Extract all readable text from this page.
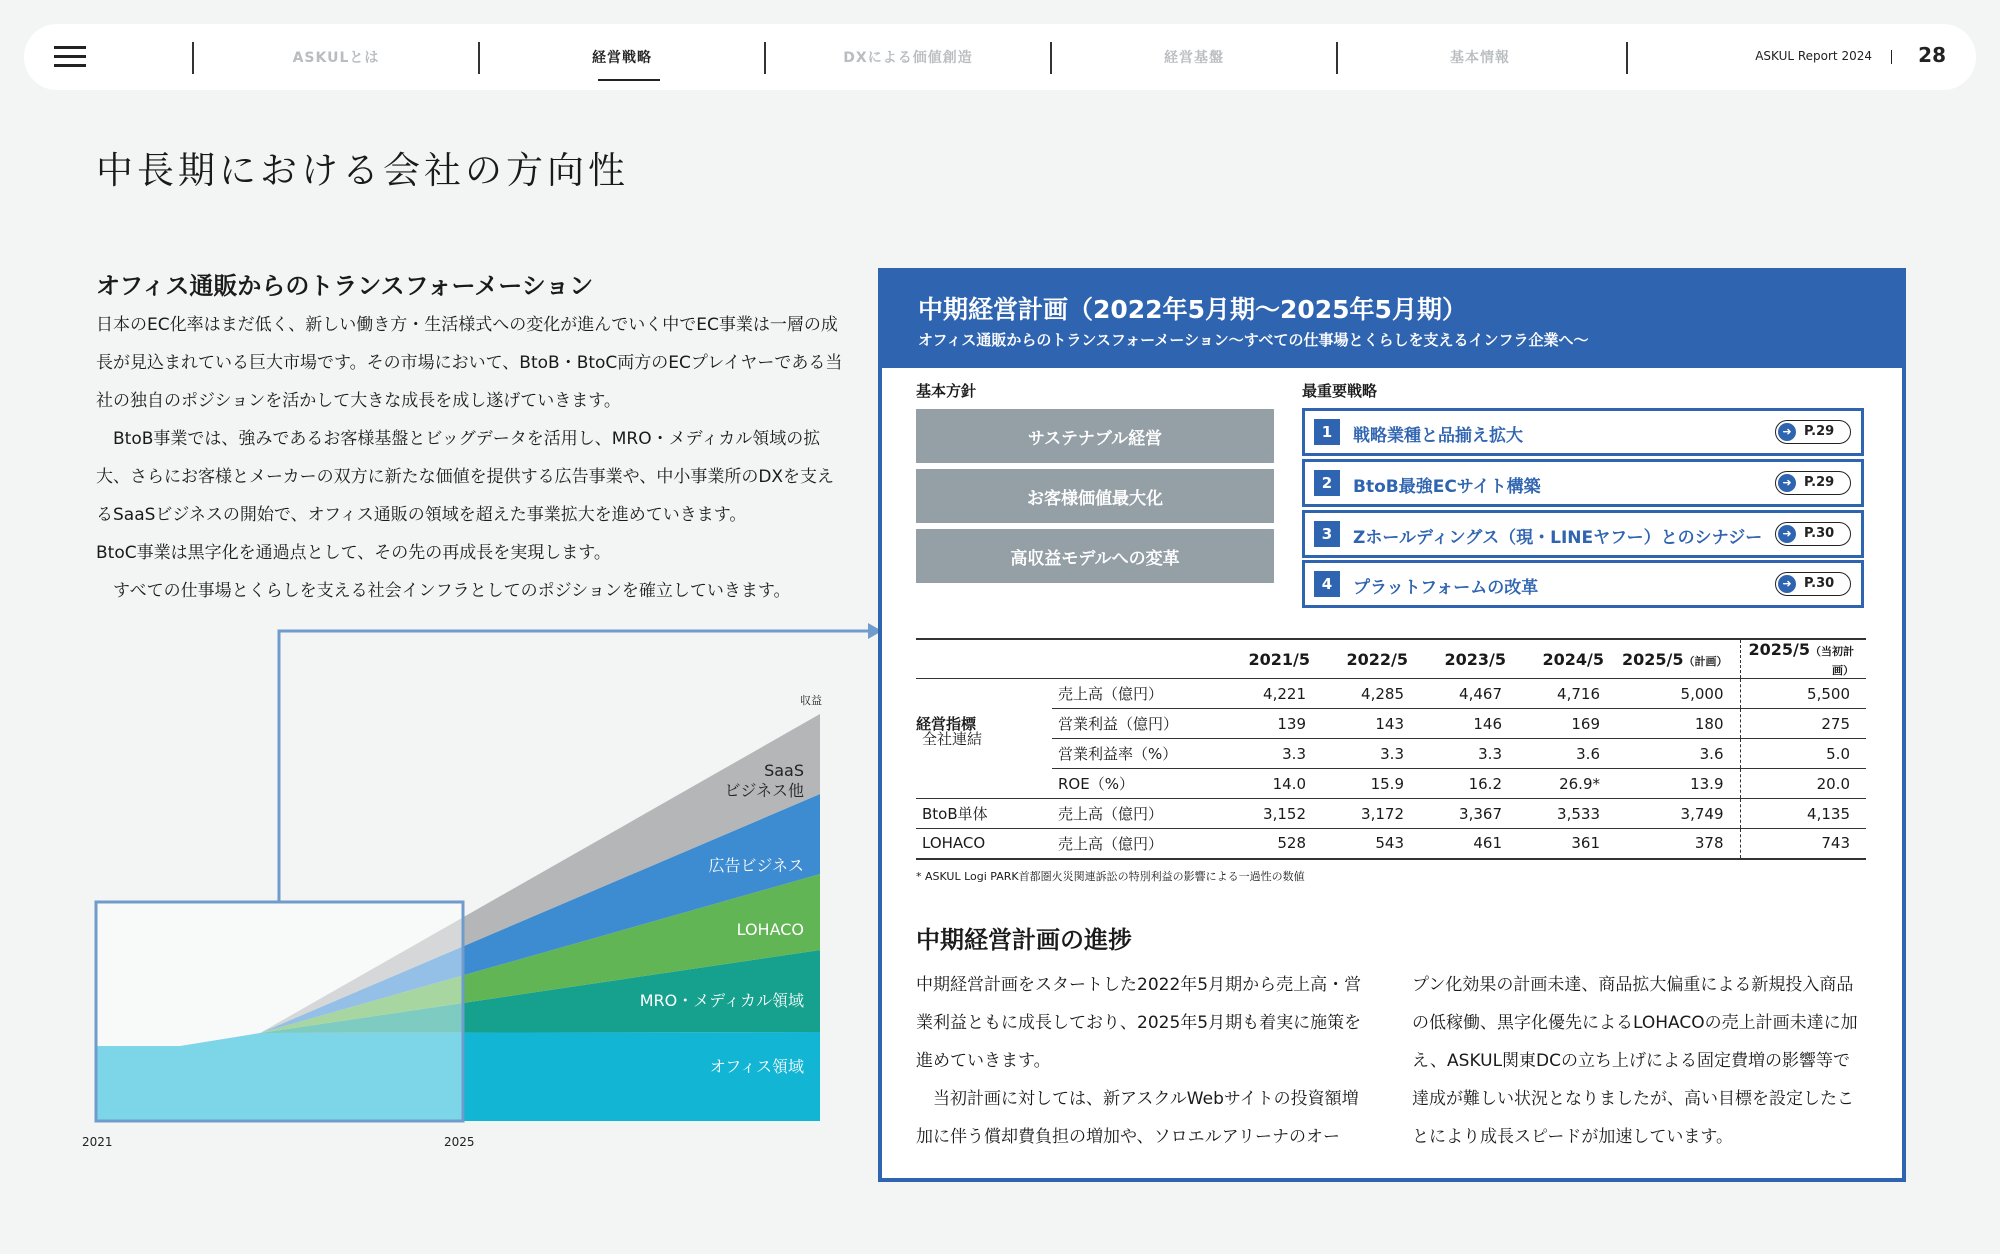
ASKULとは	経営戦略	DXによる価値創造	経営基盤	基本情報	ASKUL Report 2024 28
中長期における会社の方向性
オフィス通販からのトランスフォーメーション

日本のEC化率はまだ低く、新しい働き方・生活様式への変化が進んでいく中でEC事業は一層の成長が見込まれている巨大市場です。その市場において、BtoB・BtoC両方のECプレイヤーである当社の独自のポジションを活かして大きな成長を成し遂げていきます。

BtoB事業では、強みであるお客様基盤とビッグデータを活用し、MRO・メディカル領域の拡大、さらにお客様とメーカーの双方に新たな価値を提供する広告事業や、中小事業所のDXを支えるSaaSビジネスの開始で、オフィス通販の領域を超えた事業拡大を進めていきます。

BtoC事業は黒字化を通過点として、その先の再成長を実現します。

すべての仕事場とくらしを支える社会インフラとしてのポジションを確立していきます。

収益
SaaS
ビジネス他
広告ビジネス
LOHACO
MRO・メディカル領域
オフィス領域
2021	2025
中期経営計画（2022年5月期～2025年5月期）
オフィス通販からのトランスフォーメーション～すべての仕事場とくらしを支えるインフラ企業へ～
基本方針
サステナブル経営
お客様価値最大化
高収益モデルへの変革
最重要戦略
1	戦略業種と品揃え拡大	➜ P.29
2	BtoB最強ECサイト構築	➜ P.29
3	Zホールディングス（現・LINEヤフー）とのシナジー	➜ P.30
4	プラットフォームの改革	➜ P.30
経営指標
		2021/5	2022/5	2023/5	2024/5	2025/5（計画）	2025/5（当初計画）
全社連結	売上高（億円）	4,221	4,285	4,467	4,716	5,000	5,500
	営業利益（億円）	139	143	146	169	180	275
	営業利益率（%）	3.3	3.3	3.3	3.6	3.6	5.0
	ROE（%）	14.0	15.9	16.2	26.9*	13.9	20.0
BtoB単体	売上高（億円）	3,152	3,172	3,367	3,533	3,749	4,135
LOHACO	売上高（億円）	528	543	461	361	378	743
* ASKUL Logi PARK首都圏火災関連訴訟の特別利益の影響による一過性の数値
中期経営計画の進捗

中期経営計画をスタートした2022年5月期から売上高・営業利益ともに成長しており、2025年5月期も着実に施策を進めていきます。

当初計画に対しては、新アスクルWebサイトの投資額増加に伴う償却費負担の増加や、ソロエルアリーナのオー

プン化効果の計画未達、商品拡大偏重による新規投入商品の低稼働、黒字化優先によるLOHACOの売上計画未達に加え、ASKUL関東DCの立ち上げによる固定費増の影響等で達成が難しい状況となりましたが、高い目標を設定したことにより成長スピードが加速しています。
